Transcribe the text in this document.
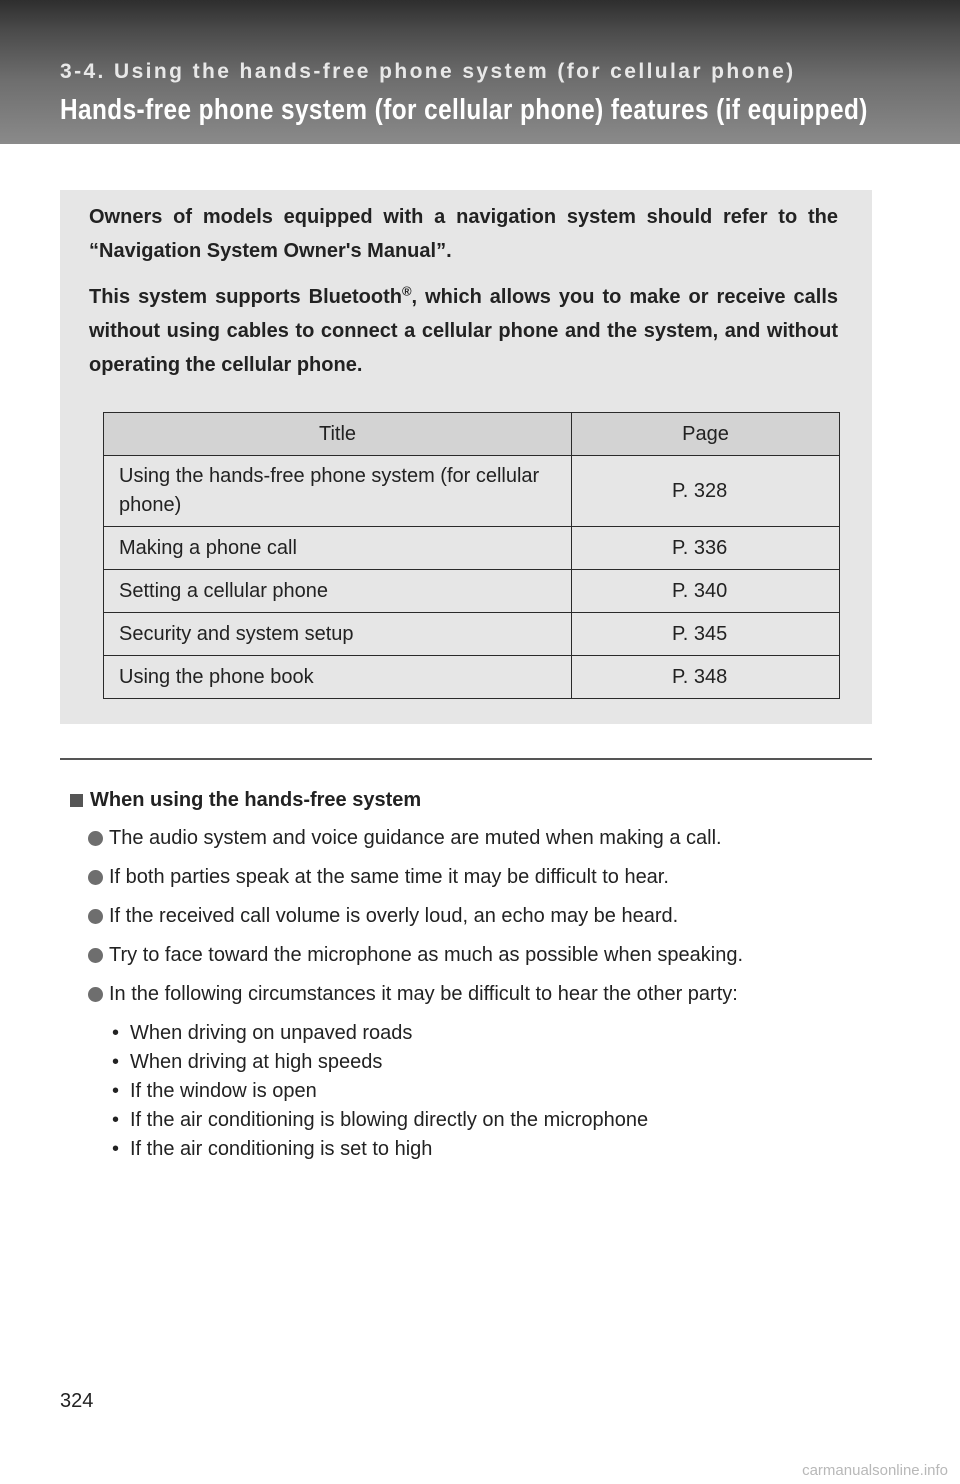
3-4. Using the hands-free phone system (for cellular phone)
Hands-free phone system (for cellular phone) features (if equipped)

Owners of models equipped with a navigation system should refer to the “Navigation System Owner's Manual”.

This system supports Bluetooth®, which allows you to make or receive calls without using cables to connect a cellular phone and the system, and without operating the cellular phone.

Title	Page
Using the hands-free phone system (for cellular phone)	P. 328
Making a phone call	P. 336
Setting a cellular phone	P. 340
Security and system setup	P. 345
Using the phone book	P. 348
When using the hands-free system
The audio system and voice guidance are muted when making a call.
If both parties speak at the same time it may be difficult to hear.
If the received call volume is overly loud, an echo may be heard.
Try to face toward the microphone as much as possible when speaking.
In the following circumstances it may be difficult to hear the other party:
• When driving on unpaved roads
• When driving at high speeds
• If the window is open
• If the air conditioning is blowing directly on the microphone
• If the air conditioning is set to high
324
carmanualsonline.info
